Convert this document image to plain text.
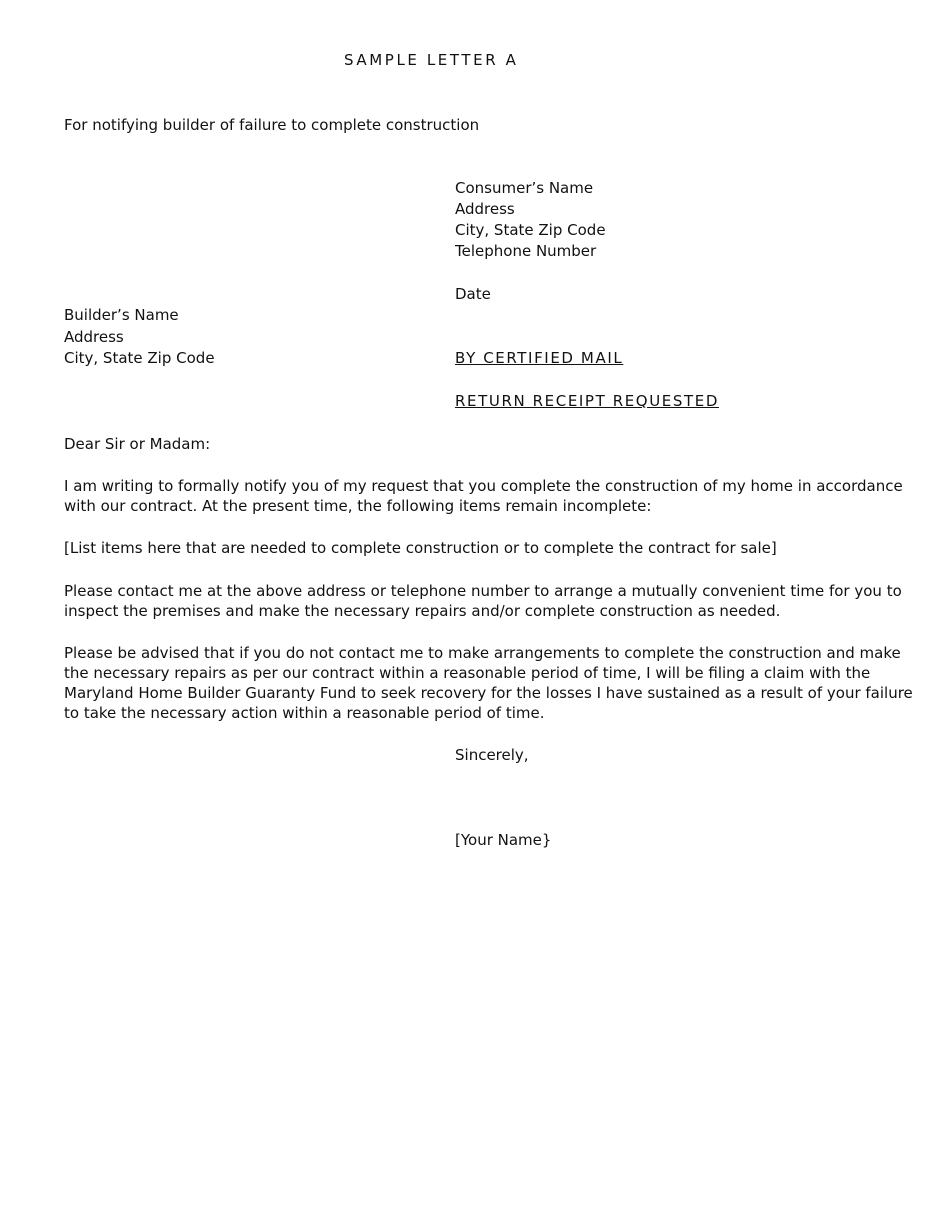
SAMPLE LETTER A
For notifying builder of failure to complete construction
Consumer’s Name
Address
City, State Zip Code
Telephone Number
Date
Builder’s Name
Address
City, State Zip Code	BY CERTIFIED MAIL
RETURN RECEIPT REQUESTED
Dear Sir or Madam:
I am writing to formally notify you of my request that you complete the construction of my home in accordance with our contract. At the present time, the following items remain incomplete:
[List items here that are needed to complete construction or to complete the contract for sale]
Please contact me at the above address or telephone number to arrange a mutually convenient time for you to inspect the premises and make the necessary repairs and/or complete construction as needed.
Please be advised that if you do not contact me to make arrangements to complete the construction and make the necessary repairs as per our contract within a reasonable period of time, I will be filing a claim with the Maryland Home Builder Guaranty Fund to seek recovery for the losses I have sustained as a result of your failure to take the necessary action within a reasonable period of time.
Sincerely,
[Your Name}
